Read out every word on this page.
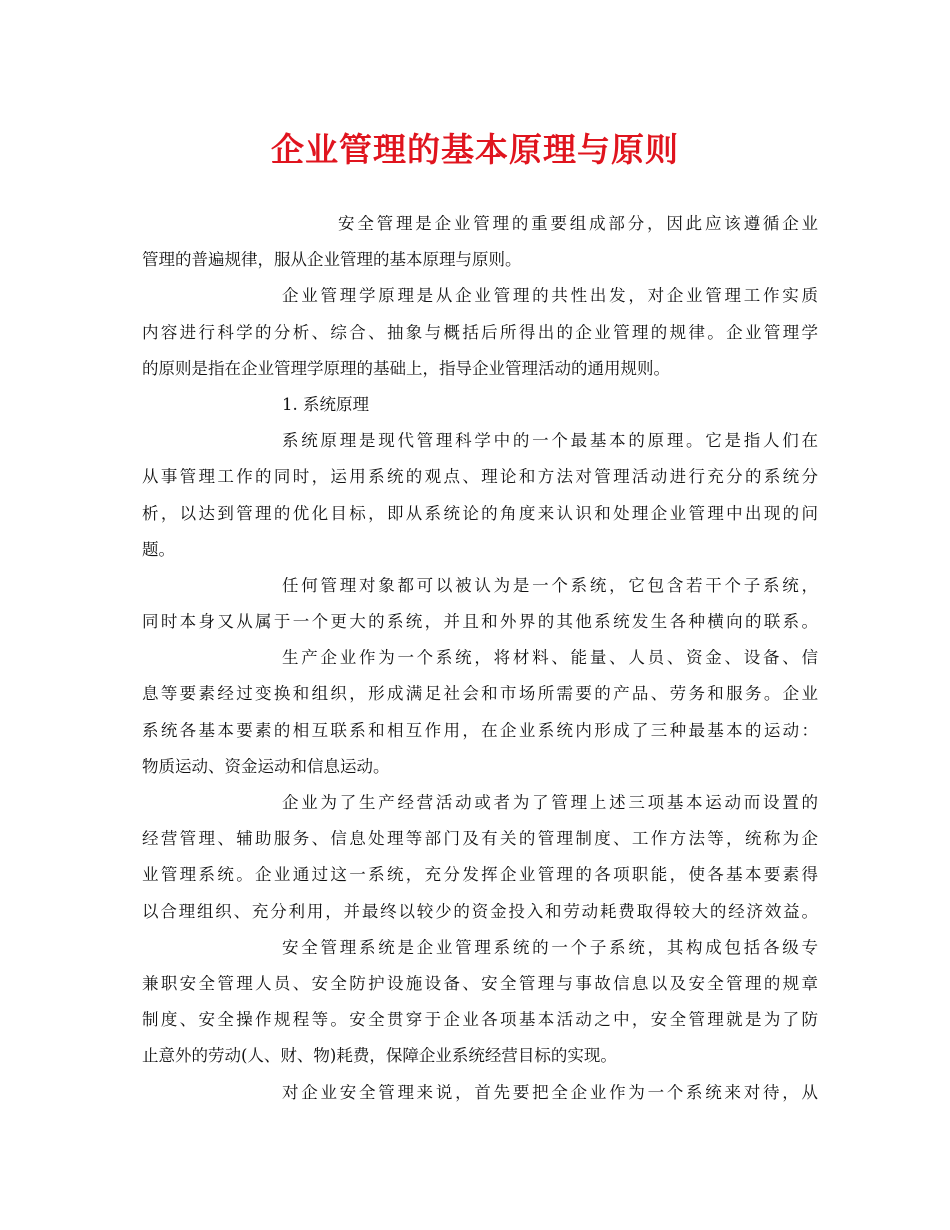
企业管理的基本原理与原则
安全管理是企业管理的重要组成部分，因此应该遵循企业
管理的普遍规律，服从企业管理的基本原理与原则。
企业管理学原理是从企业管理的共性出发，对企业管理工作实质
内容进行科学的分析、综合、抽象与概括后所得出的企业管理的规律。企业管理学
的原则是指在企业管理学原理的基础上，指导企业管理活动的通用规则。
1. 系统原理
系统原理是现代管理科学中的一个最基本的原理。它是指人们在
从事管理工作的同时，运用系统的观点、理论和方法对管理活动进行充分的系统分
析，以达到管理的优化目标，即从系统论的角度来认识和处理企业管理中出现的问
题。
任何管理对象都可以被认为是一个系统，它包含若干个子系统，
同时本身又从属于一个更大的系统，并且和外界的其他系统发生各种横向的联系。
生产企业作为一个系统，将材料、能量、人员、资金、设备、信
息等要素经过变换和组织，形成满足社会和市场所需要的产品、劳务和服务。企业
系统各基本要素的相互联系和相互作用，在企业系统内形成了三种最基本的运动：
物质运动、资金运动和信息运动。
企业为了生产经营活动或者为了管理上述三项基本运动而设置的
经营管理、辅助服务、信息处理等部门及有关的管理制度、工作方法等，统称为企
业管理系统。企业通过这一系统，充分发挥企业管理的各项职能，使各基本要素得
以合理组织、充分利用，并最终以较少的资金投入和劳动耗费取得较大的经济效益。
安全管理系统是企业管理系统的一个子系统，其构成包括各级专
兼职安全管理人员、安全防护设施设备、安全管理与事故信息以及安全管理的规章
制度、安全操作规程等。安全贯穿于企业各项基本活动之中，安全管理就是为了防
止意外的劳动(人、财、物)耗费，保障企业系统经营目标的实现。
对企业安全管理来说，首先要把全企业作为一个系统来对待，从
